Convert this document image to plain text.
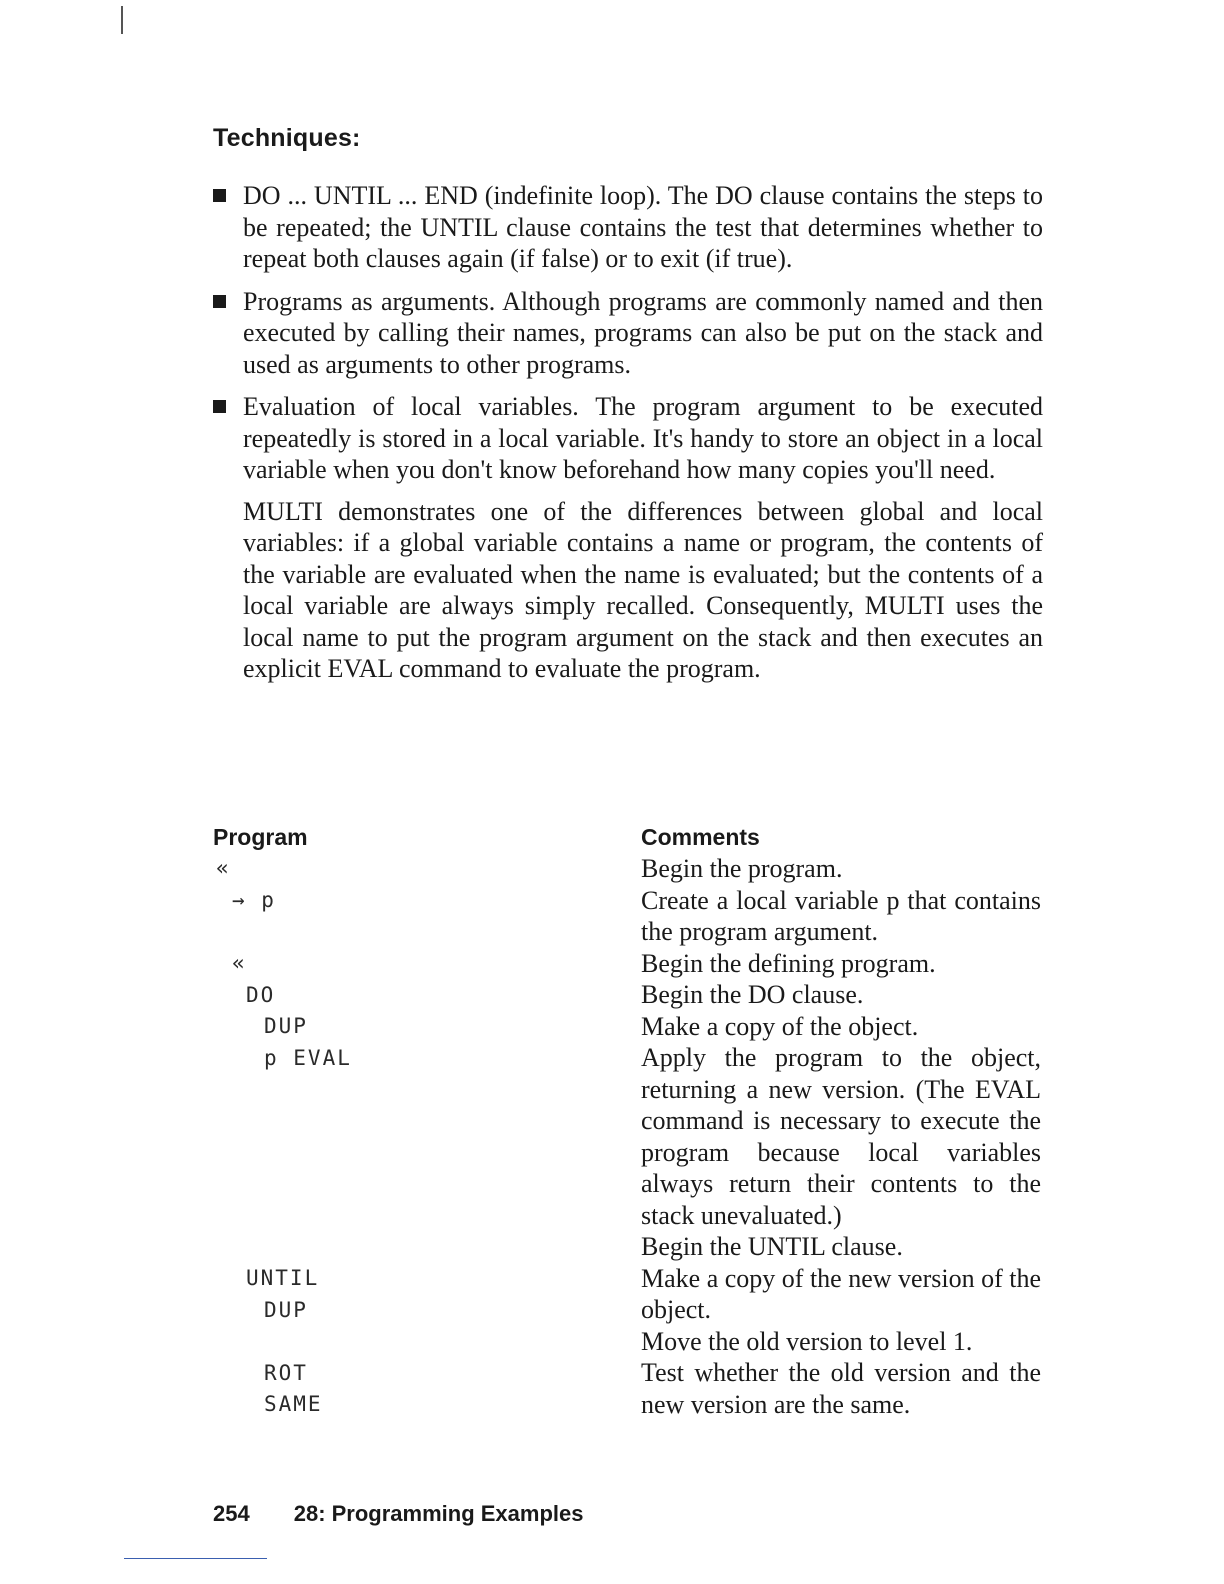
Techniques:
DO ... UNTIL ... END (indefinite loop). The DO clause contains the steps to be repeated; the UNTIL clause contains the test that determines whether to repeat both clauses again (if false) or to exit (if true).
Programs as arguments. Although programs are commonly named and then executed by calling their names, programs can also be put on the stack and used as arguments to other programs.
Evaluation of local variables. The program argument to be executed repeatedly is stored in a local variable. It's handy to store an object in a local variable when you don't know beforehand how many copies you'll need.
MULTI demonstrates one of the differences between global and local variables: if a global variable contains a name or program, the contents of the variable are evaluated when the name is evaluated; but the contents of a local variable are always simply recalled. Consequently, MULTI uses the local name to put the program argument on the stack and then executes an explicit EVAL command to evaluate the program.
Program	Comments
«
→ p
«
DO
DUP
p EVAL
UNTIL
DUP
ROT
SAME
Begin the program.
Create a local variable p that contains the program argument.
Begin the defining program.
Begin the DO clause.
Make a copy of the object.
Apply the program to the object, returning a new version. (The EVAL command is necessary to execute the program because local variables always return their contents to the stack unevaluated.)
Begin the UNTIL clause.
Make a copy of the new version of the object.
Move the old version to level 1.
Test whether the old version and the new version are the same.
254 28: Programming Examples
